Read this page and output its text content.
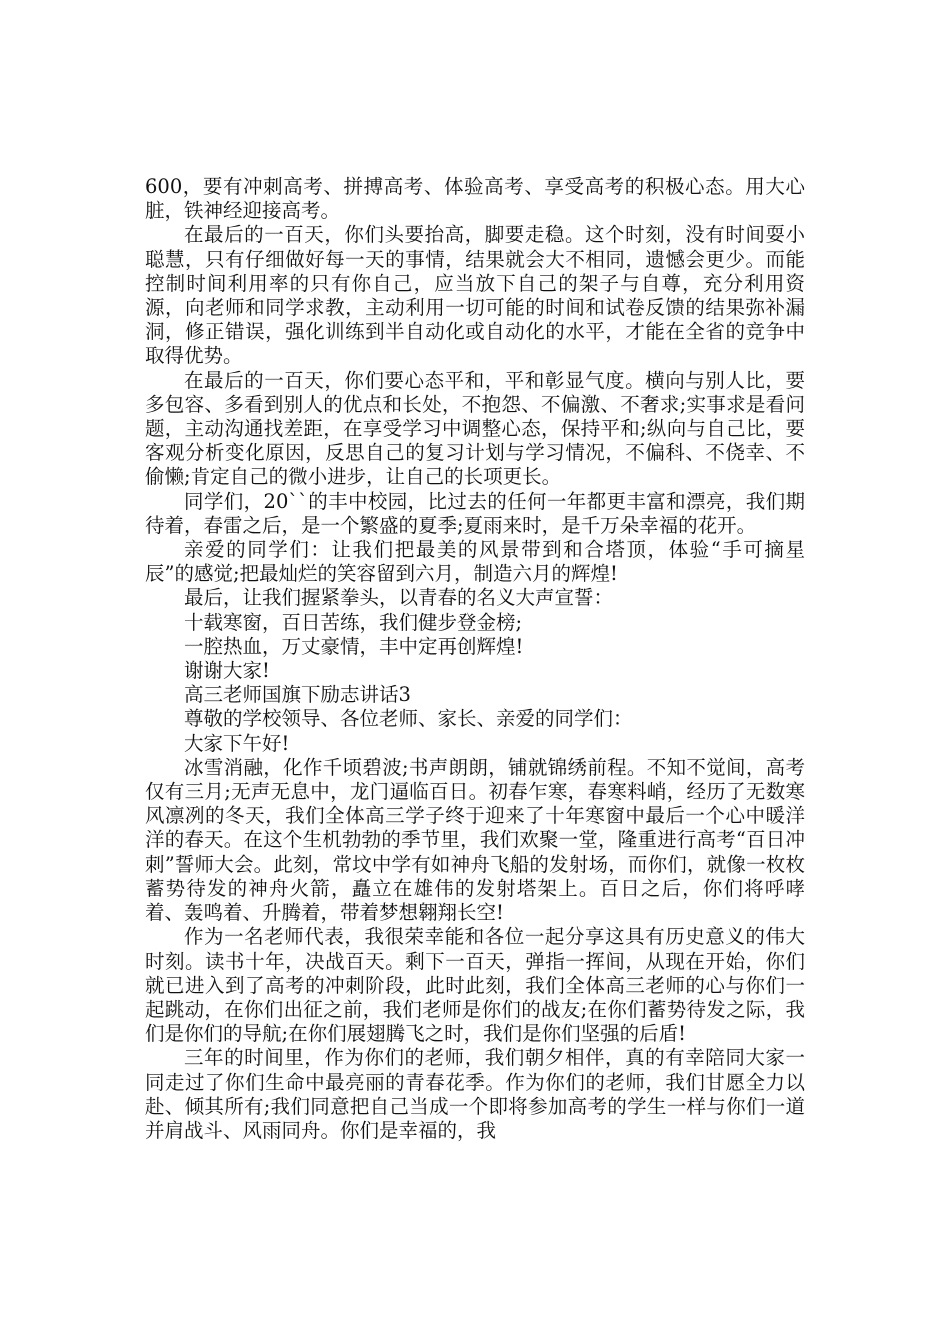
600，要有冲刺高考、拼搏高考、体验高考、享受高考的积极心态。用大心脏，铁神经迎接高考。

在最后的一百天，你们头要抬高，脚要走稳。这个时刻，没有时间耍小聪慧，只有仔细做好每一天的事情，结果就会大不相同，遗憾会更少。而能控制时间利用率的只有你自己，应当放下自己的架子与自尊，充分利用资源，向老师和同学求教，主动利用一切可能的时间和试卷反馈的结果弥补漏洞，修正错误，强化训练到半自动化或自动化的水平，才能在全省的竞争中取得优势。

在最后的一百天，你们要心态平和，平和彰显气度。横向与别人比，要多包容、多看到别人的优点和长处，不抱怨、不偏激、不奢求;实事求是看问题，主动沟通找差距，在享受学习中调整心态，保持平和;纵向与自己比，要客观分析变化原因，反思自己的复习计划与学习情况，不偏科、不侥幸、不偷懒;肯定自己的微小进步，让自己的长项更长。

同学们，20``的丰中校园，比过去的任何一年都更丰富和漂亮，我们期待着，春雷之后，是一个繁盛的夏季;夏雨来时，是千万朵幸福的花开。

亲爱的同学们：让我们把最美的风景带到和合塔顶，体验“手可摘星辰”的感觉;把最灿烂的笑容留到六月，制造六月的辉煌!

最后，让我们握紧拳头，以青春的名义大声宣誓：

十载寒窗，百日苦练，我们健步登金榜;

一腔热血，万丈豪情，丰中定再创辉煌!

谢谢大家!

高三老师国旗下励志讲话3

尊敬的学校领导、各位老师、家长、亲爱的同学们：

大家下午好!

冰雪消融，化作千顷碧波;书声朗朗，铺就锦绣前程。不知不觉间，高考仅有三月;无声无息中，龙门逼临百日。初春乍寒，春寒料峭，经历了无数寒风凛冽的冬天，我们全体高三学子终于迎来了十年寒窗中最后一个心中暖洋洋的春天。在这个生机勃勃的季节里，我们欢聚一堂，隆重进行高考“百日冲刺”誓师大会。此刻，常坟中学有如神舟飞船的发射场，而你们，就像一枚枚蓄势待发的神舟火箭，矗立在雄伟的发射塔架上。百日之后，你们将呼哮着、轰鸣着、升腾着，带着梦想翱翔长空!

作为一名老师代表，我很荣幸能和各位一起分享这具有历史意义的伟大时刻。读书十年，决战百天。剩下一百天，弹指一挥间，从现在开始，你们就已进入到了高考的冲刺阶段，此时此刻，我们全体高三老师的心与你们一起跳动，在你们出征之前，我们老师是你们的战友;在你们蓄势待发之际，我们是你们的导航;在你们展翅腾飞之时，我们是你们坚强的后盾!

三年的时间里，作为你们的老师，我们朝夕相伴，真的有幸陪同大家一同走过了你们生命中最亮丽的青春花季。作为你们的老师，我们甘愿全力以赴、倾其所有;我们同意把自己当成一个即将参加高考的学生一样与你们一道并肩战斗、风雨同舟。你们是幸福的，我
